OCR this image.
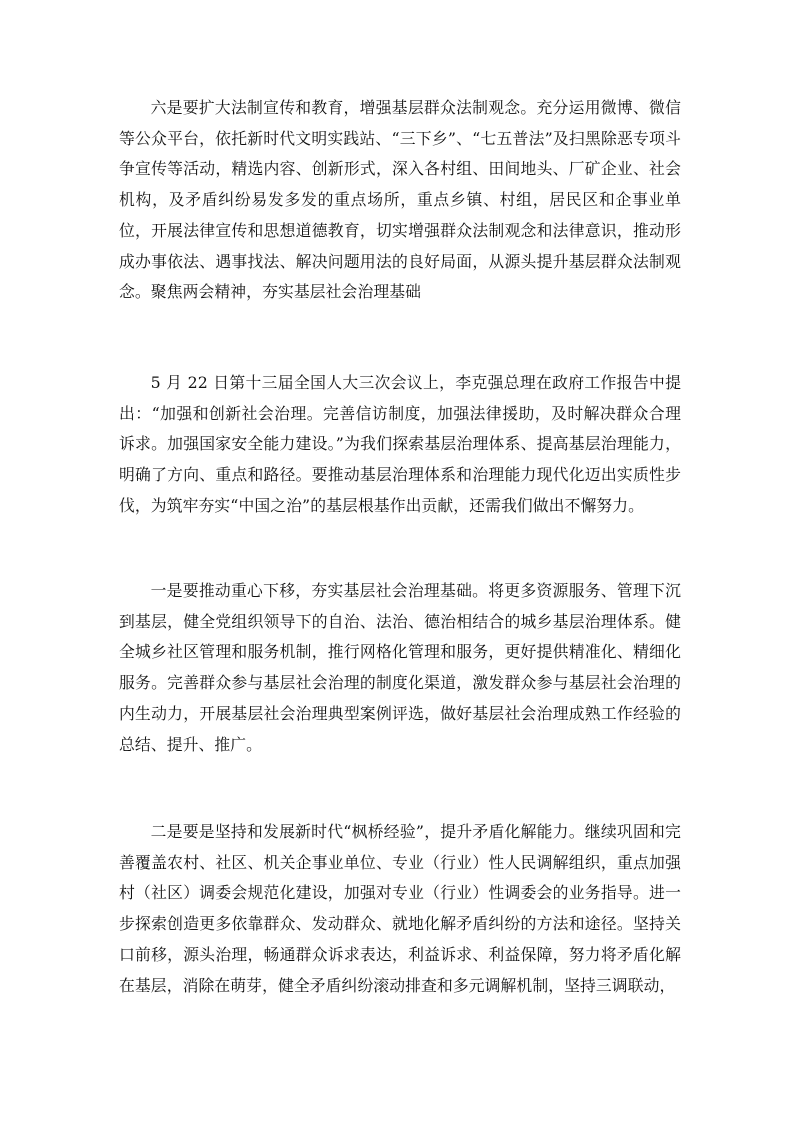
六是要扩大法制宣传和教育，增强基层群众法制观念。充分运用微博、微信等公众平台，依托新时代文明实践站、“三下乡”、“七五普法”及扫黑除恶专项斗争宣传等活动，精选内容、创新形式，深入各村组、田间地头、厂矿企业、社会机构，及矛盾纠纷易发多发的重点场所，重点乡镇、村组，居民区和企事业单位，开展法律宣传和思想道德教育，切实增强群众法制观念和法律意识，推动形成办事依法、遇事找法、解决问题用法的良好局面，从源头提升基层群众法制观念。聚焦两会精神，夯实基层社会治理基础

5 月 22 日第十三届全国人大三次会议上，李克强总理在政府工作报告中提出：“加强和创新社会治理。完善信访制度，加强法律援助，及时解决群众合理诉求。加强国家安全能力建设。”为我们探索基层治理体系、提高基层治理能力，明确了方向、重点和路径。要推动基层治理体系和治理能力现代化迈出实质性步伐，为筑牢夯实“中国之治”的基层根基作出贡献，还需我们做出不懈努力。

一是要推动重心下移，夯实基层社会治理基础。将更多资源服务、管理下沉到基层，健全党组织领导下的自治、法治、德治相结合的城乡基层治理体系。健全城乡社区管理和服务机制，推行网格化管理和服务，更好提供精准化、精细化服务。完善群众参与基层社会治理的制度化渠道，激发群众参与基层社会治理的内生动力，开展基层社会治理典型案例评选，做好基层社会治理成熟工作经验的总结、提升、推广。

二是要是坚持和发展新时代“枫桥经验”，提升矛盾化解能力。继续巩固和完善覆盖农村、社区、机关企事业单位、专业（行业）性人民调解组织，重点加强村（社区）调委会规范化建设，加强对专业（行业）性调委会的业务指导。进一步探索创造更多依靠群众、发动群众、就地化解矛盾纠纷的方法和途径。坚持关口前移，源头治理，畅通群众诉求表达，利益诉求、利益保障，努力将矛盾化解在基层，消除在萌芽，健全矛盾纠纷滚动排查和多元调解机制，坚持三调联动，
